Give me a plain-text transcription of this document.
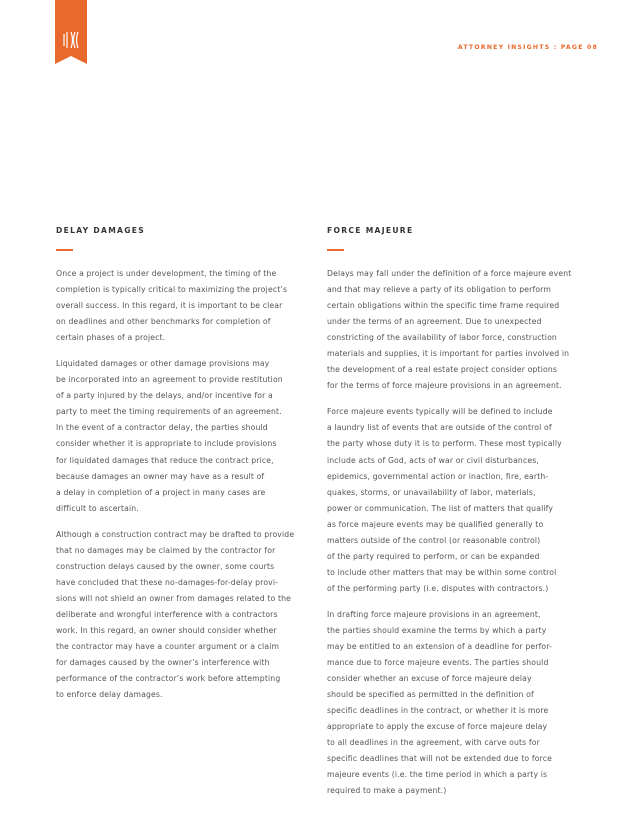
ATTORNEY INSIGHTS : PAGE 08
DELAY DAMAGES

Once a project is under development, the timing of the
completion is typically critical to maximizing the project’s
overall success. In this regard, it is important to be clear
on deadlines and other benchmarks for completion of
certain phases of a project.

Liquidated damages or other damage provisions may
be incorporated into an agreement to provide restitution
of a party injured by the delays, and/or incentive for a
party to meet the timing requirements of an agreement.
In the event of a contractor delay, the parties should
consider whether it is appropriate to include provisions
for liquidated damages that reduce the contract price,
because damages an owner may have as a result of
a delay in completion of a project in many cases are
difficult to ascertain.

Although a construction contract may be drafted to provide
that no damages may be claimed by the contractor for
construction delays caused by the owner, some courts
have concluded that these no-damages-for-delay provi-
sions will not shield an owner from damages related to the
deliberate and wrongful interference with a contractors
work. In this regard, an owner should consider whether
the contractor may have a counter argument or a claim
for damages caused by the owner’s interference with
performance of the contractor’s work before attempting
to enforce delay damages.

FORCE MAJEURE

Delays may fall under the definition of a force majeure event
and that may relieve a party of its obligation to perform
certain obligations within the specific time frame required
under the terms of an agreement. Due to unexpected
constricting of the availability of labor force, construction
materials and supplies, it is important for parties involved in
the development of a real estate project consider options
for the terms of force majeure provisions in an agreement.

Force majeure events typically will be defined to include
a laundry list of events that are outside of the control of
the party whose duty it is to perform. These most typically
include acts of God, acts of war or civil disturbances,
epidemics, governmental action or inaction, fire, earth-
quakes, storms, or unavailability of labor, materials,
power or communication. The list of matters that qualify
as force majeure events may be qualified generally to
matters outside of the control (or reasonable control)
of the party required to perform, or can be expanded
to include other matters that may be within some control
of the performing party (i.e. disputes with contractors.)

In drafting force majeure provisions in an agreement,
the parties should examine the terms by which a party
may be entitled to an extension of a deadline for perfor-
mance due to force majeure events. The parties should
consider whether an excuse of force majeure delay
should be specified as permitted in the definition of
specific deadlines in the contract, or whether it is more
appropriate to apply the excuse of force majeure delay
to all deadlines in the agreement, with carve outs for
specific deadlines that will not be extended due to force
majeure events (i.e. the time period in which a party is
required to make a payment.)
